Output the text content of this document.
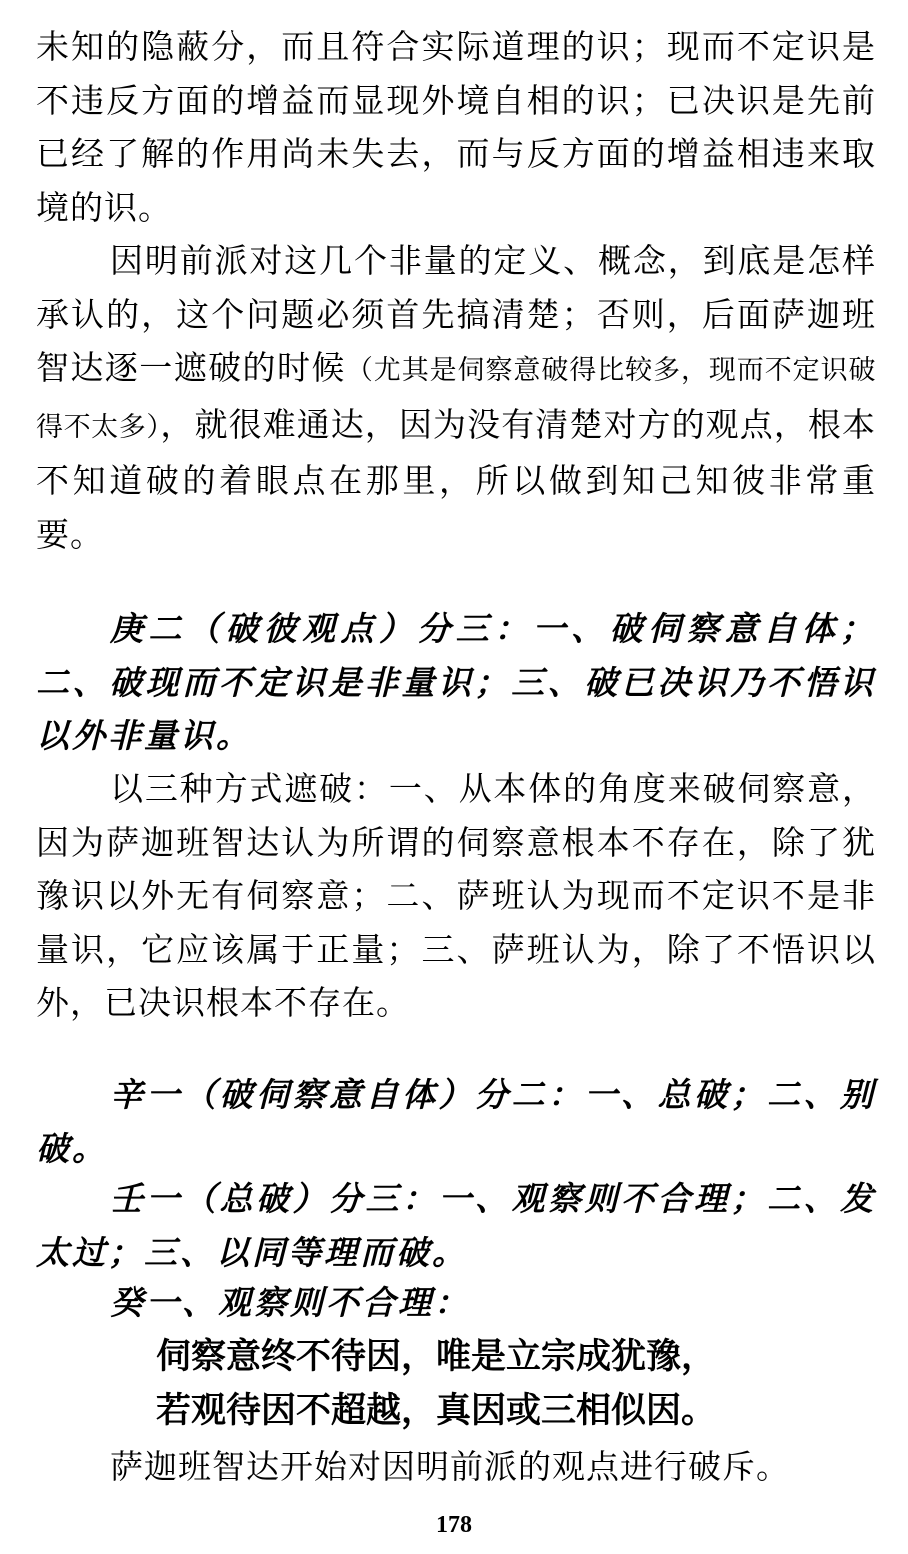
未知的隐蔽分，而且符合实际道理的识；现而不定识是不违反方面的增益而显现外境自相的识；已决识是先前已经了解的作用尚未失去，而与反方面的增益相违来取境的识。

因明前派对这几个非量的定义、概念，到底是怎样承认的，这个问题必须首先搞清楚；否则，后面萨迦班智达逐一遮破的时候（尤其是伺察意破得比较多，现而不定识破得不太多），就很难通达，因为没有清楚对方的观点，根本不知道破的着眼点在那里，所以做到知己知彼非常重要。

庚二（破彼观点）分三：一、破伺察意自体；二、破现而不定识是非量识；三、破已决识乃不悟识以外非量识。

以三种方式遮破：一、从本体的角度来破伺察意，因为萨迦班智达认为所谓的伺察意根本不存在，除了犹豫识以外无有伺察意；二、萨班认为现而不定识不是非量识，它应该属于正量；三、萨班认为，除了不悟识以外，已决识根本不存在。

辛一（破伺察意自体）分二：一、总破；二、别破。

壬一（总破）分三：一、观察则不合理；二、发太过；三、以同等理而破。

癸一、观察则不合理：

伺察意终不待因，唯是立宗成犹豫，

若观待因不超越，真因或三相似因。

萨迦班智达开始对因明前派的观点进行破斥。

178
